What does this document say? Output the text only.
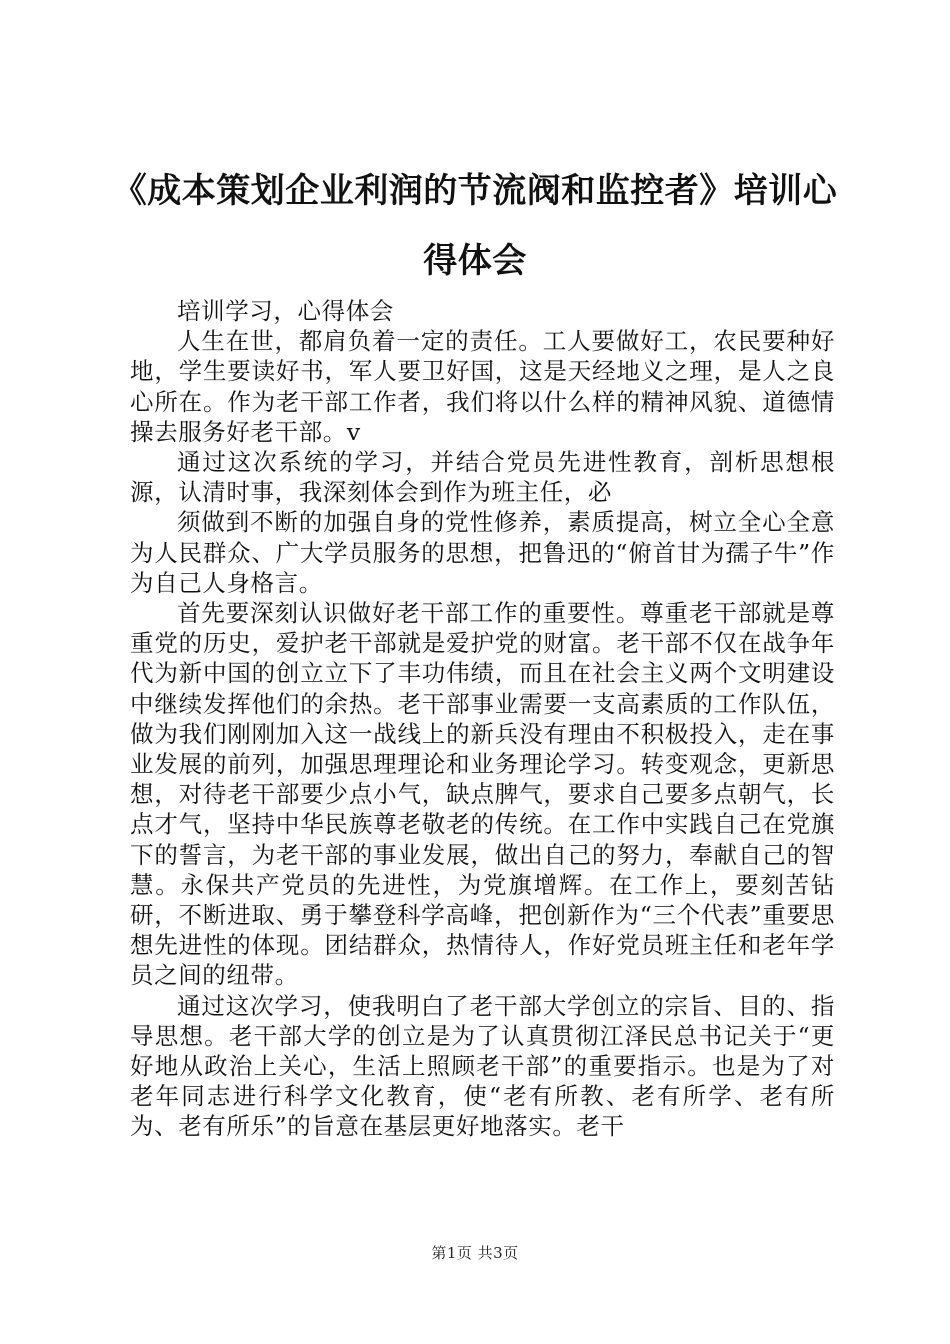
《成本策划企业利润的节流阀和监控者》培训心得体会

培训学习，心得体会

人生在世，都肩负着一定的责任。工人要做好工，农民要种好地，学生要读好书，军人要卫好国，这是天经地义之理，是人之良心所在。作为老干部工作者，我们将以什么样的精神风貌、道德情操去服务好老干部。v

通过这次系统的学习，并结合党员先进性教育，剖析思想根源，认清时事，我深刻体会到作为班主任，必

须做到不断的加强自身的党性修养，素质提高，树立全心全意为人民群众、广大学员服务的思想，把鲁迅的“俯首甘为孺子牛”作为自己人身格言。

首先要深刻认识做好老干部工作的重要性。尊重老干部就是尊重党的历史，爱护老干部就是爱护党的财富。老干部不仅在战争年代为新中国的创立立下了丰功伟绩，而且在社会主义两个文明建设中继续发挥他们的余热。老干部事业需要一支高素质的工作队伍，做为我们刚刚加入这一战线上的新兵没有理由不积极投入，走在事业发展的前列，加强思理理论和业务理论学习。转变观念，更新思想，对待老干部要少点小气，缺点脾气，要求自己要多点朝气，长点才气，坚持中华民族尊老敬老的传统。在工作中实践自己在党旗下的誓言，为老干部的事业发展，做出自己的努力，奉献自己的智慧。永保共产党员的先进性，为党旗增辉。在工作上，要刻苦钻研，不断进取、勇于攀登科学高峰，把创新作为“三个代表”重要思想先进性的体现。团结群众，热情待人，作好党员班主任和老年学员之间的纽带。

通过这次学习，使我明白了老干部大学创立的宗旨、目的、指导思想。老干部大学的创立是为了认真贯彻江泽民总书记关于“更好地从政治上关心，生活上照顾老干部”的重要指示。也是为了对老年同志进行科学文化教育，使“老有所教、老有所学、老有所为、老有所乐”的旨意在基层更好地落实。老干

第1页 共3页
